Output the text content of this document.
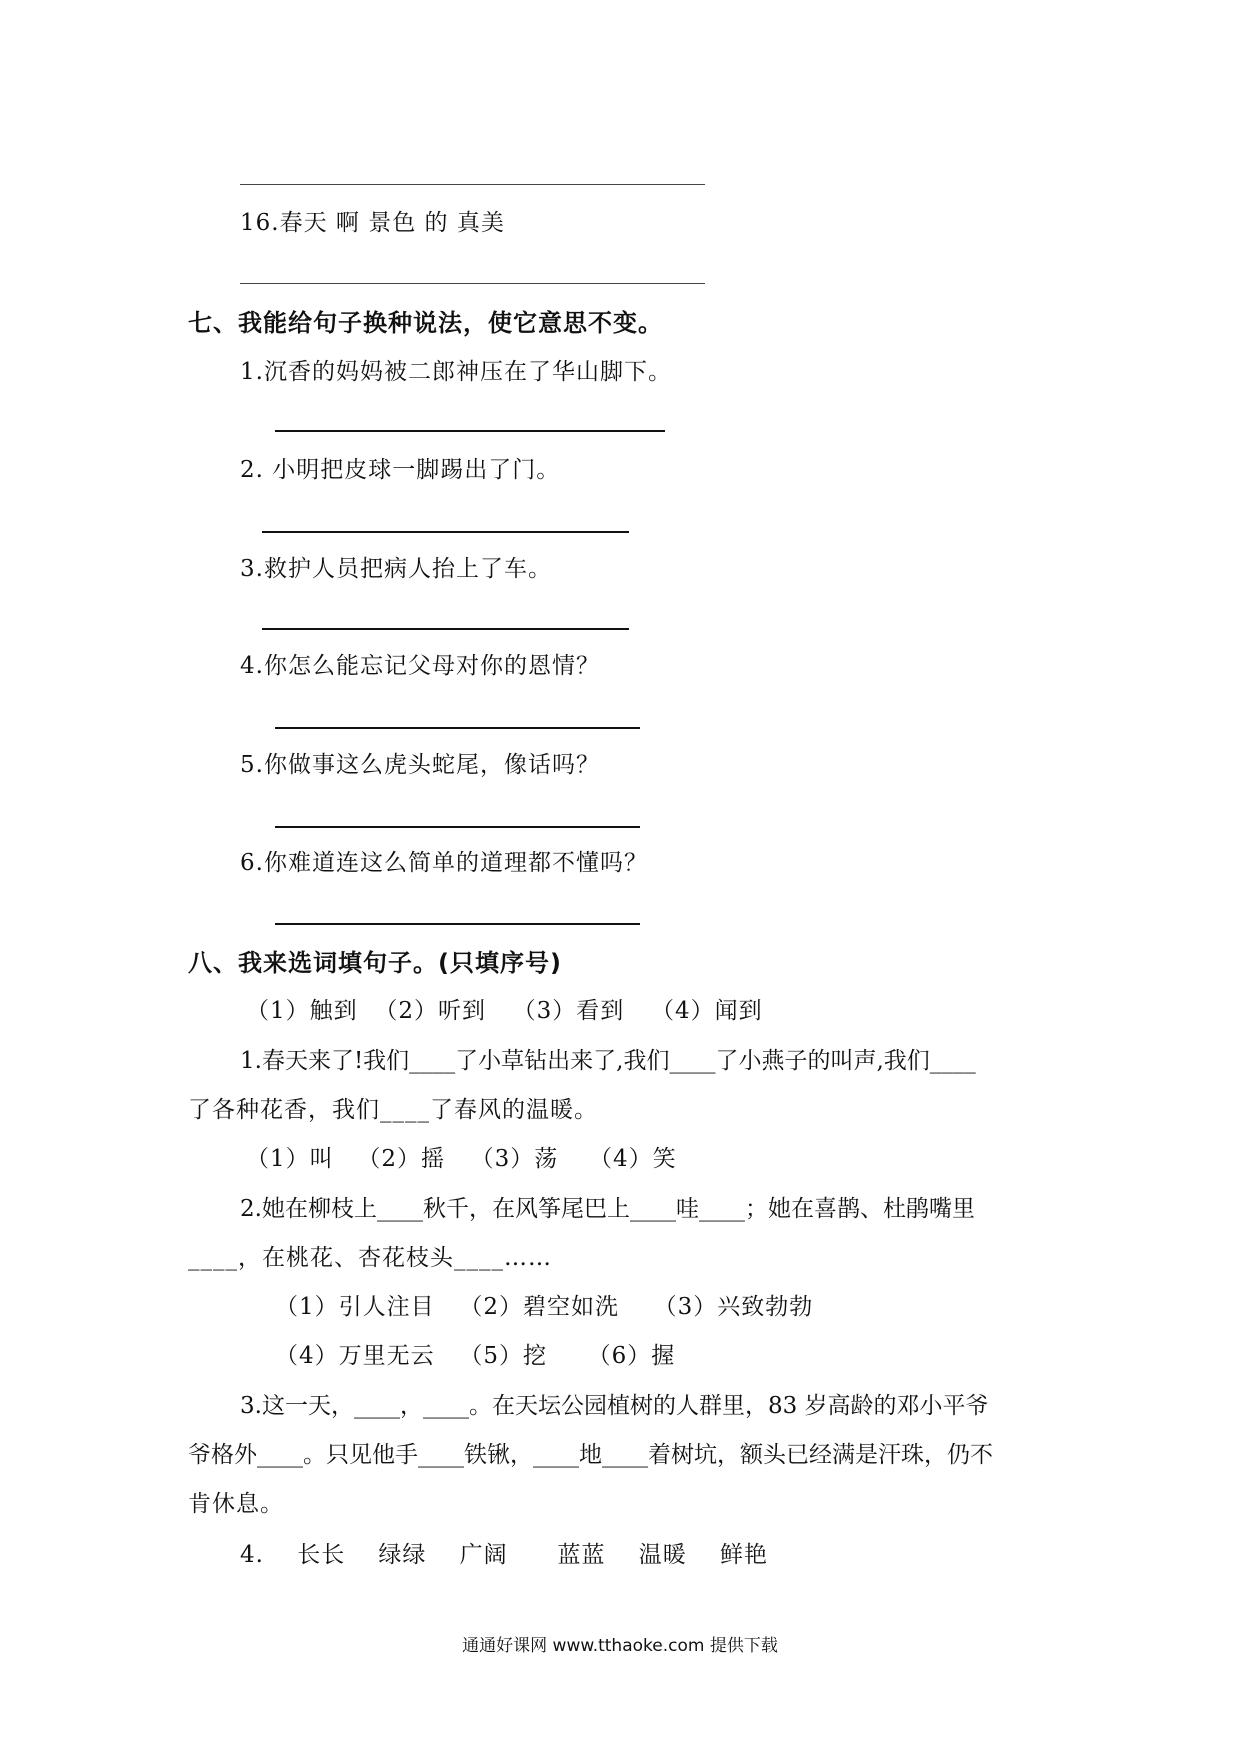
16.春天 啊 景色 的 真美
七、我能给句子换种说法，使它意思不变。
1.沉香的妈妈被二郎神压在了华山脚下。
2. 小明把皮球一脚踢出了门。
3.救护人员把病人抬上了车。
4.你怎么能忘记父母对你的恩情？
5.你做事这么虎头蛇尾，像话吗？
6.你难道连这么简单的道理都不懂吗？
八、我来选词填句子。(只填序号)
（1）触到 （2）听到 （3）看到 （4）闻到
1.春天来了!我们____了小草钻出来了,我们____了小燕子的叫声,我们____
了各种花香，我们____了春风的温暖。
（1）叫 （2）摇 （3）荡 （4）笑
2.她在柳枝上____秋千，在风筝尾巴上____哇____；她在喜鹊、杜鹃嘴里
____，在桃花、杏花枝头____……
（1）引人注目 （2）碧空如洗 （3）兴致勃勃
（4）万里无云 （5）挖 （6）握
3.这一天，____，____。在天坛公园植树的人群里，83 岁高龄的邓小平爷
爷格外____。只见他手____铁锹，____地____着树坑，额头已经满是汗珠，仍不
肯休息。
4.    长长    绿绿    广阔      蓝蓝    温暖    鲜艳
通通好课网 www.tthaoke.com 提供下载
